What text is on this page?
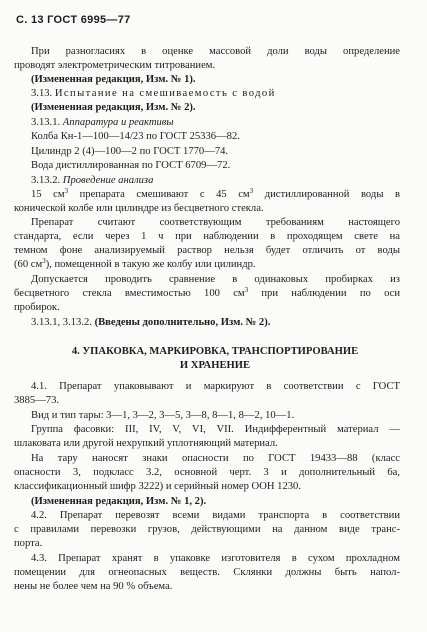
С. 13 ГОСТ 6995—77
При разногласиях в оценке массовой доли воды определение
проводят электрометрическим титрованием.
(Измененная редакция, Изм. № 1).
3.13. Испытание на смешиваемость с водой
(Измененная редакция, Изм. № 2).
3.13.1. Аппаратура и реактивы
Колба Кн-1—100—14/23 по ГОСТ 25336—82.
Цилиндр 2 (4)—100—2 по ГОСТ 1770—74.
Вода дистиллированная по ГОСТ 6709—72.
3.13.2. Проведение анализа
15 $см^3$ препарата смешивают с 45 $см^3$ дистиллированной воды в
конической колбе или цилиндре из бесцветного стекла.
Препарат считают соответствующим требованиям настоящего
стандарта, если через 1 ч при наблюдении в проходящем свете на
темном фоне анализируемый раствор нельзя будет отличить от воды
(60 $см^3$), помещенной в такую же колбу или цилиндр.
Допускается проводить сравнение в одинаковых пробирках из
бесцветного стекла вместимостью 100 $см^3$ при наблюдении по оси
пробирок.
3.13.1, 3.13.2. (Введены дополнительно, Изм. № 2).
4. УПАКОВКА, МАРКИРОВКА, ТРАНСПОРТИРОВАНИЕ
И ХРАНЕНИЕ
4.1. Препарат упаковывают и маркируют в соответствии с ГОСТ
3885—73.
Вид и тип тары: 3—1, 3—2, 3—5, 3—8, 8—1, 8—2, 10—1.
Группа фасовки: III, IV, V, VI, VII. Индифферентный материал —
шлаковата или другой нехрупкий уплотняющий материал.
На тару наносят знаки опасности по ГОСТ 19433—88 (класс
опасности 3, подкласс 3.2, основной черт. 3 и дополнительный 6а,
классификационный шифр 3222) и серийный номер ООН 1230.
(Измененная редакция, Изм. № 1, 2).
4.2. Препарат перевозят всеми видами транспорта в соответствии
с правилами перевозки грузов, действующими на данном виде транс-
порта.
4.3. Препарат хранят в упаковке изготовителя в сухом прохладном
помещении для огнеопасных веществ. Склянки должны быть напол-
нены не более чем на 90 % объема.
